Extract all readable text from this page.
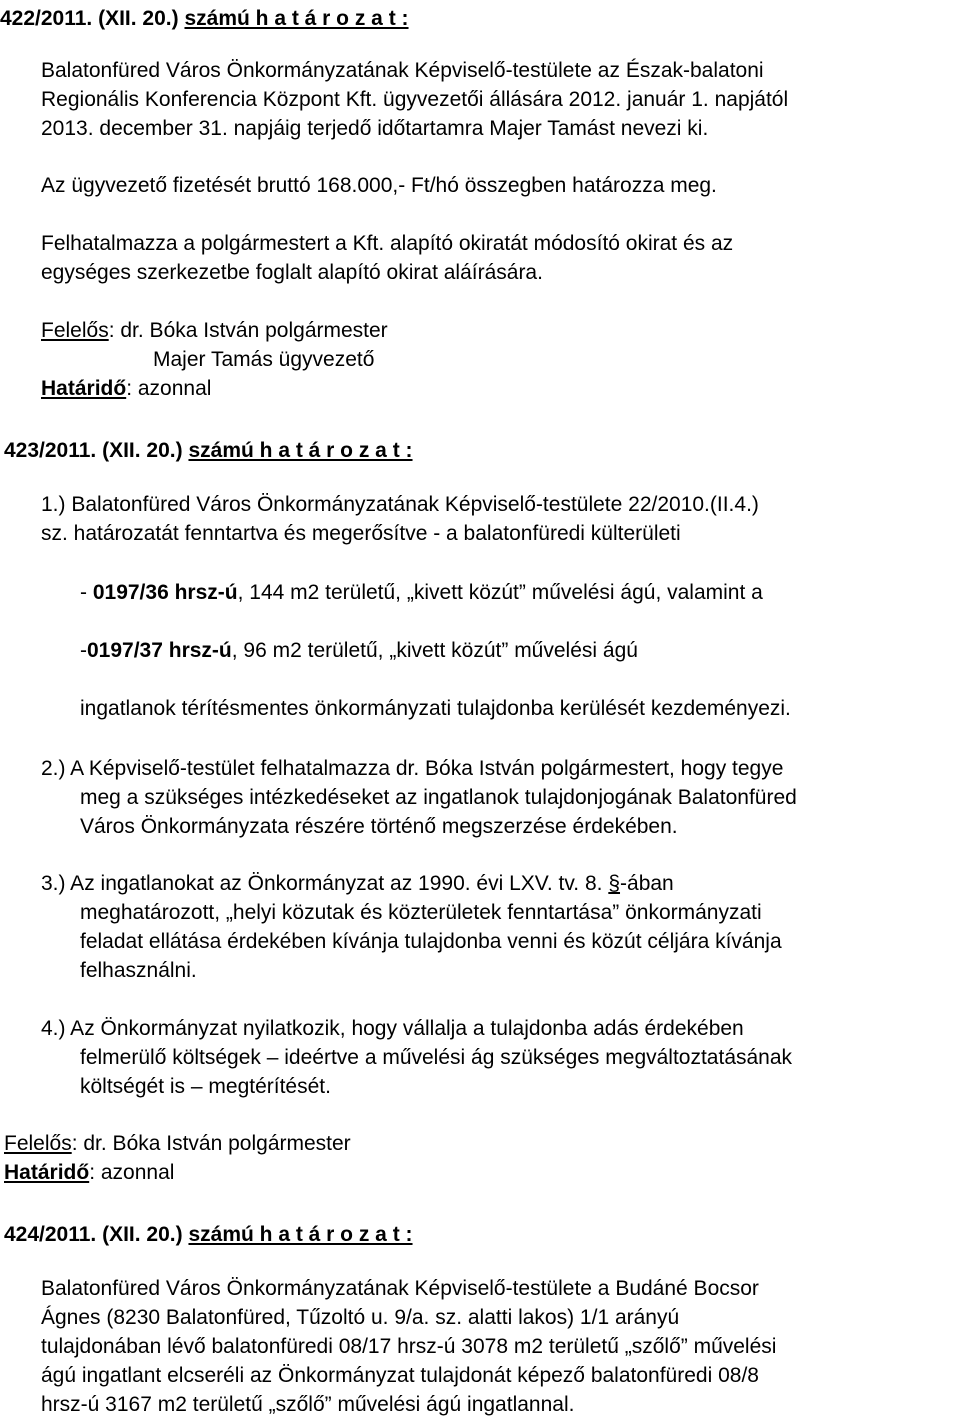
422/2011. (XII. 20.) számú h a t á r o z a t :
Balatonfüred Város Önkormányzatának Képviselő-testülete az Észak-balatoni
Regionális Konferencia Központ Kft. ügyvezetői állására 2012. január 1. napjától
2013. december 31. napjáig terjedő időtartamra Majer Tamást nevezi ki.
Az ügyvezető fizetését bruttó 168.000,- Ft/hó összegben határozza meg.
Felhatalmazza a polgármestert a Kft. alapító okiratát módosító okirat és az
egységes szerkezetbe foglalt alapító okirat aláírására.
Felelős: dr. Bóka István polgármester
Majer Tamás ügyvezető
Határidő: azonnal
423/2011. (XII. 20.) számú h a t á r o z a t :
1.) Balatonfüred Város Önkormányzatának Képviselő-testülete 22/2010.(II.4.)
sz. határozatát fenntartva és megerősítve - a balatonfüredi külterületi
- 0197/36 hrsz-ú, 144 m2 területű, „kivett közút” művelési ágú, valamint a
-0197/37 hrsz-ú, 96 m2 területű, „kivett közút” művelési ágú
ingatlanok térítésmentes önkormányzati tulajdonba kerülését kezdeményezi.
2.) A Képviselő-testület felhatalmazza dr. Bóka István polgármestert, hogy tegye
meg a szükséges intézkedéseket az ingatlanok tulajdonjogának Balatonfüred
Város Önkormányzata részére történő megszerzése érdekében.
3.) Az ingatlanokat az Önkormányzat az 1990. évi LXV. tv. 8. §-ában
meghatározott, „helyi közutak és közterületek fenntartása” önkormányzati
feladat ellátása érdekében kívánja tulajdonba venni és közút céljára kívánja
felhasználni.
4.) Az Önkormányzat nyilatkozik, hogy vállalja a tulajdonba adás érdekében
felmerülő költségek – ideértve a művelési ág szükséges megváltoztatásának
költségét is – megtérítését.
Felelős: dr. Bóka István polgármester
Határidő: azonnal
424/2011. (XII. 20.) számú h a t á r o z a t :
Balatonfüred Város Önkormányzatának Képviselő-testülete a Budáné Bocsor
Ágnes (8230 Balatonfüred, Tűzoltó u. 9/a. sz. alatti lakos) 1/1 arányú
tulajdonában lévő balatonfüredi 08/17 hrsz-ú 3078 m2 területű „szőlő” művelési
ágú ingatlant elcseréli az Önkormányzat tulajdonát képező balatonfüredi 08/8
hrsz-ú 3167 m2 területű „szőlő” művelési ágú ingatlannal.
